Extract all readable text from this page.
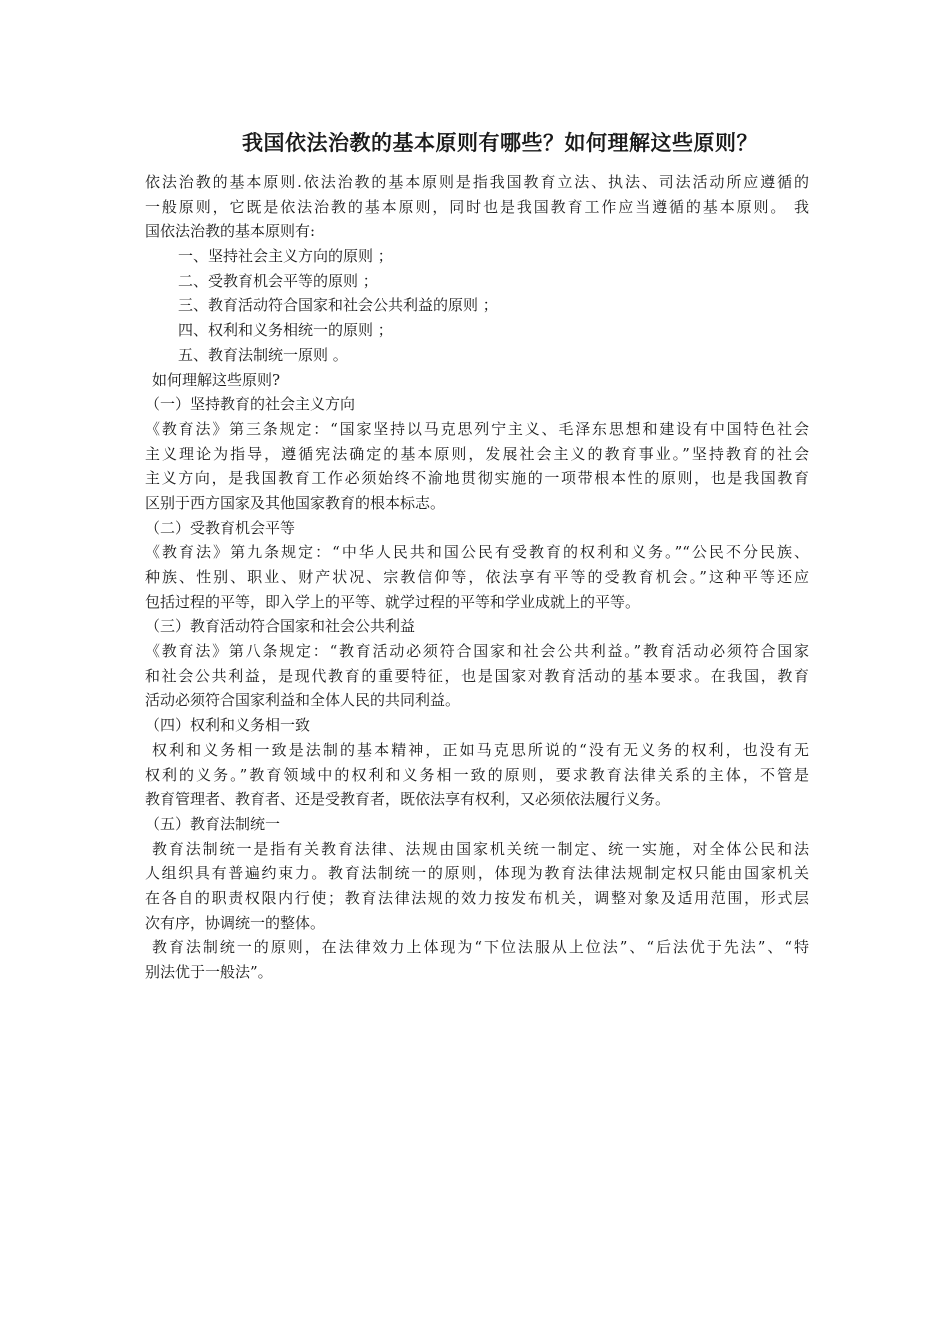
我国依法治教的基本原则有哪些？如何理解这些原则？
依法治教的基本原则.依法治教的基本原则是指我国教育立法、执法、司法活动所应遵循的
一般原则，它既是依法治教的基本原则，同时也是我国教育工作应当遵循的基本原则。 我
国依法治教的基本原则有:
一、坚持社会主义方向的原则 ；
二、受教育机会平等的原则 ；
三、教育活动符合国家和社会公共利益的原则 ；
四、权利和义务相统一的原则 ；
五、教育法制统一原则 。
如何理解这些原则?
（一）坚持教育的社会主义方向
《教育法》第三条规定：“国家坚持以马克思列宁主义、毛泽东思想和建设有中国特色社会
主义理论为指导，遵循宪法确定的基本原则，发展社会主义的教育事业。”坚持教育的社会
主义方向，是我国教育工作必须始终不渝地贯彻实施的一项带根本性的原则，也是我国教育
区别于西方国家及其他国家教育的根本标志。
（二）受教育机会平等
《教育法》第九条规定：“中华人民共和国公民有受教育的权利和义务。”“公民不分民族、
种族、性别、职业、财产状况、宗教信仰等，依法享有平等的受教育机会。”这种平等还应
包括过程的平等，即入学上的平等、就学过程的平等和学业成就上的平等。
（三）教育活动符合国家和社会公共利益
《教育法》第八条规定：“教育活动必须符合国家和社会公共利益。”教育活动必须符合国家
和社会公共利益，是现代教育的重要特征，也是国家对教育活动的基本要求。在我国，教育
活动必须符合国家利益和全体人民的共同利益。
（四）权利和义务相一致
权利和义务相一致是法制的基本精神，正如马克思所说的“没有无义务的权利，也没有无
权利的义务。”教育领域中的权利和义务相一致的原则，要求教育法律关系的主体，不管是
教育管理者、教育者、还是受教育者，既依法享有权利，又必须依法履行义务。
（五）教育法制统一
教育法制统一是指有关教育法律、法规由国家机关统一制定、统一实施，对全体公民和法
人组织具有普遍约束力。教育法制统一的原则，体现为教育法律法规制定权只能由国家机关
在各自的职责权限内行使；教育法律法规的效力按发布机关，调整对象及适用范围，形式层
次有序，协调统一的整体。
教育法制统一的原则，在法律效力上体现为“下位法服从上位法”、“后法优于先法”、“特
别法优于一般法”。
